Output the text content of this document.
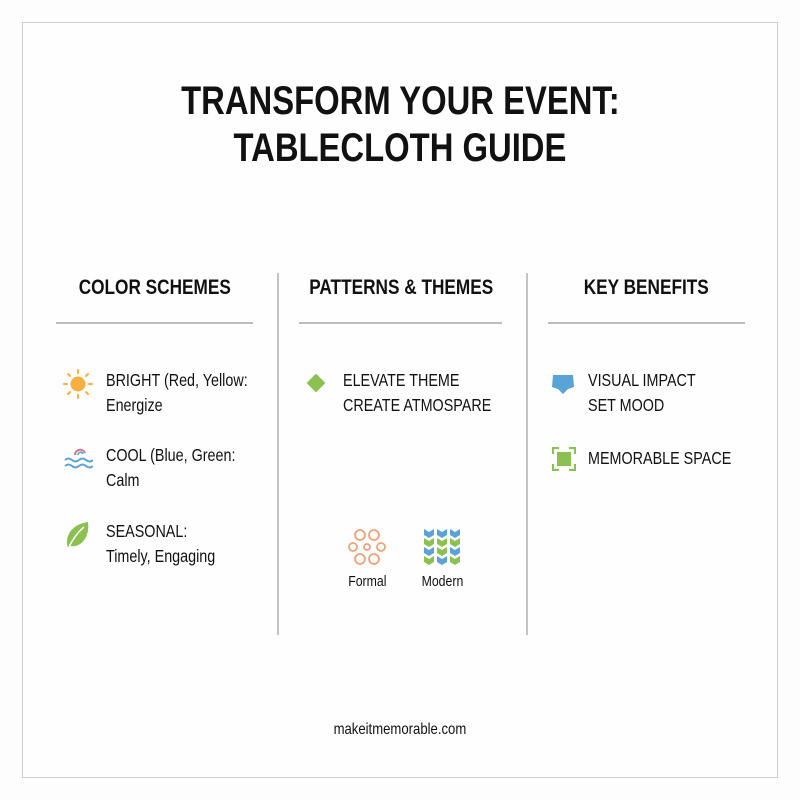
TRANSFORM YOUR EVENT:
TABLECLOTH GUIDE
COLOR SCHEMES	PATTERNS & THEMES	KEY BENEFITS
BRIGHT (Red, Yellow:
Energize
COOL (Blue, Green:
Calm
SEASONAL:
Timely, Engaging
ELEVATE THEME
CREATE ATMOSPARE
Formal	Modern
VISUAL IMPACT
SET MOOD
MEMORABLE SPACE
makeitmemorable.com
